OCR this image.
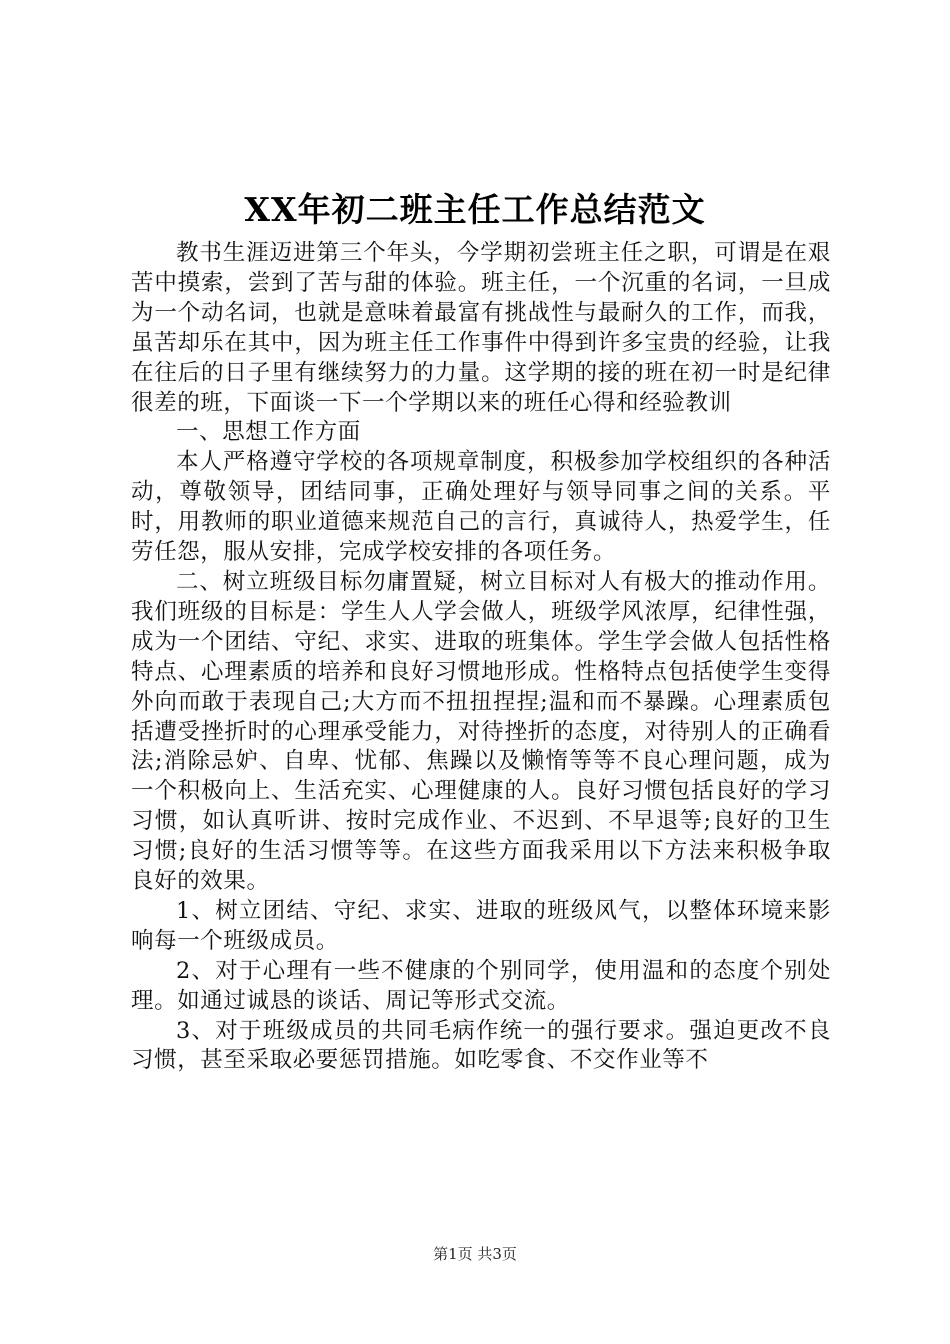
XX年初二班主任工作总结范文

教书生涯迈进第三个年头，今学期初尝班主任之职，可谓是在艰苦中摸索，尝到了苦与甜的体验。班主任，一个沉重的名词，一旦成为一个动名词，也就是意味着最富有挑战性与最耐久的工作，而我，虽苦却乐在其中，因为班主任工作事件中得到许多宝贵的经验，让我在往后的日子里有继续努力的力量。这学期的接的班在初一时是纪律很差的班，下面谈一下一个学期以来的班任心得和经验教训

一、思想工作方面

本人严格遵守学校的各项规章制度，积极参加学校组织的各种活动，尊敬领导，团结同事，正确处理好与领导同事之间的关系。平时，用教师的职业道德来规范自己的言行，真诚待人，热爱学生，任劳任怨，服从安排，完成学校安排的各项任务。

二、树立班级目标勿庸置疑，树立目标对人有极大的推动作用。我们班级的目标是：学生人人学会做人，班级学风浓厚，纪律性强，成为一个团结、守纪、求实、进取的班集体。学生学会做人包括性格特点、心理素质的培养和良好习惯地形成。性格特点包括使学生变得外向而敢于表现自己;大方而不扭扭捏捏;温和而不暴躁。心理素质包括遭受挫折时的心理承受能力，对待挫折的态度，对待别人的正确看法;消除忌妒、自卑、忧郁、焦躁以及懒惰等等不良心理问题，成为一个积极向上、生活充实、心理健康的人。良好习惯包括良好的学习习惯，如认真听讲、按时完成作业、不迟到、不早退等;良好的卫生习惯;良好的生活习惯等等。在这些方面我采用以下方法来积极争取良好的效果。

1、树立团结、守纪、求实、进取的班级风气，以整体环境来影响每一个班级成员。

2、对于心理有一些不健康的个别同学，使用温和的态度个别处理。如通过诚恳的谈话、周记等形式交流。

3、对于班级成员的共同毛病作统一的强行要求。强迫更改不良习惯，甚至采取必要惩罚措施。如吃零食、不交作业等不

第1页 共3页
